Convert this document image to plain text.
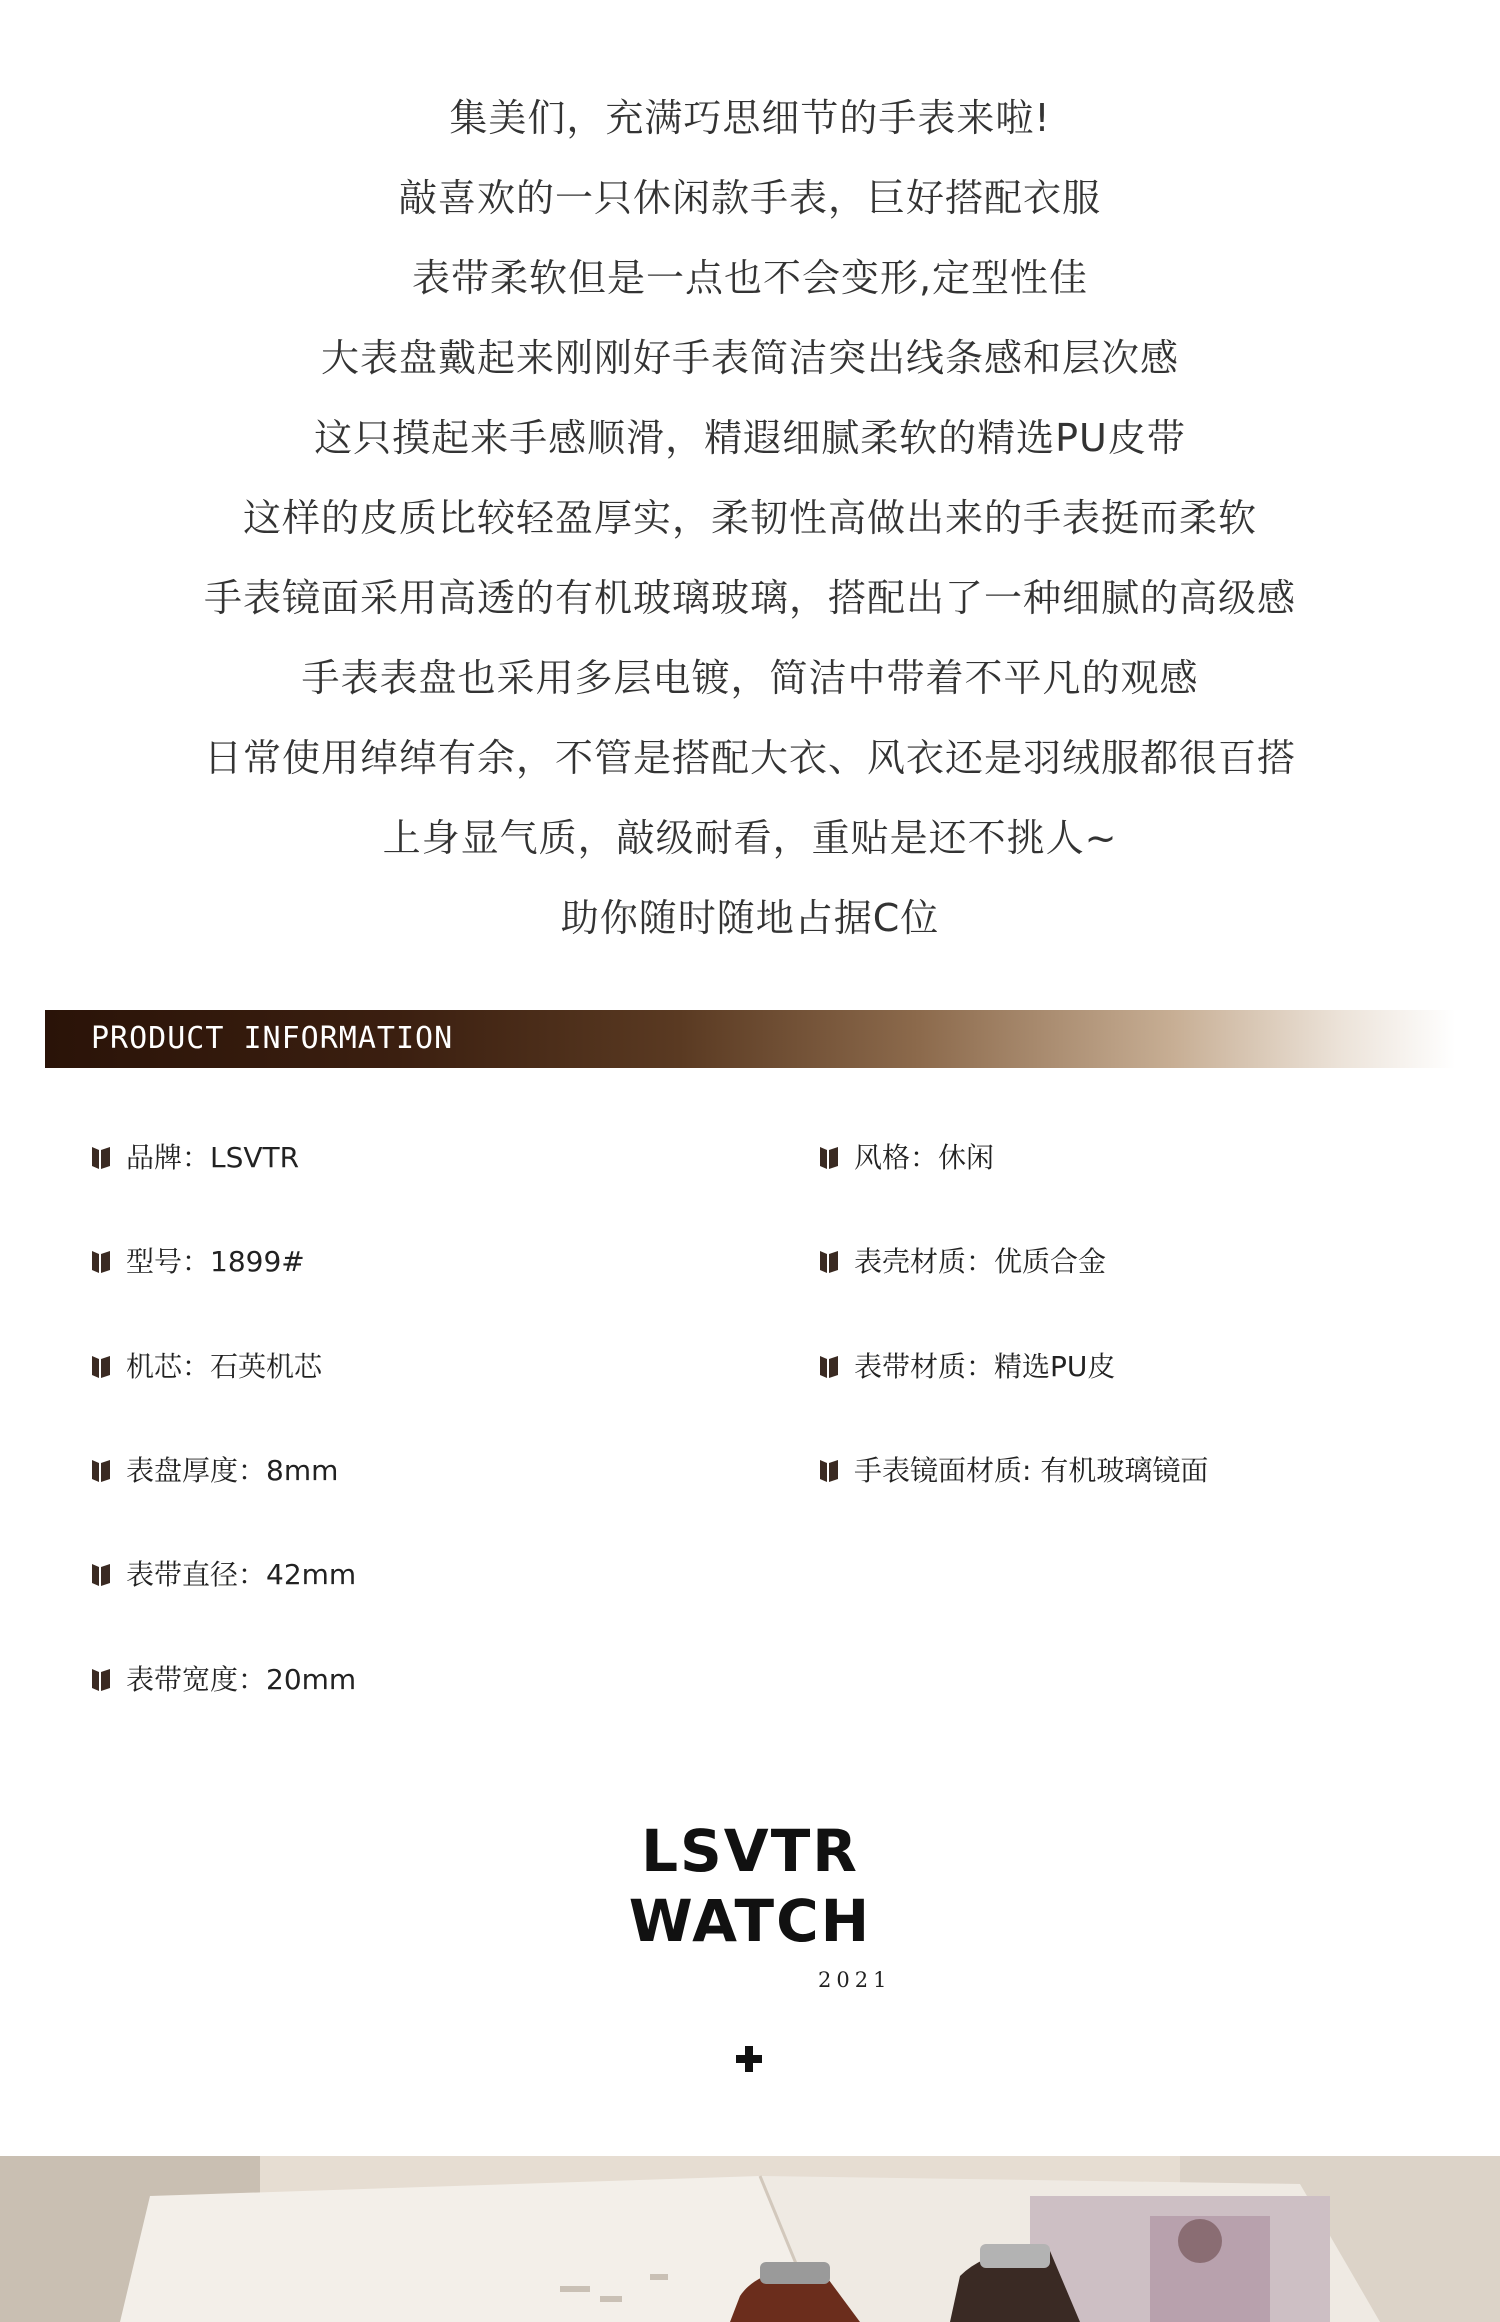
集美们，充满巧思细节的手表来啦!
敲喜欢的一只休闲款手表，巨好搭配衣服
表带柔软但是一点也不会变形,定型性佳
大表盘戴起来刚刚好手表简洁突出线条感和层次感
这只摸起来手感顺滑，精遐细腻柔软的精选PU皮带
这样的皮质比较轻盈厚实，柔韧性高做出来的手表挺而柔软
手表镜面采用高透的有机玻璃玻璃，搭配出了一种细腻的高级感
手表表盘也采用多层电镀，简洁中带着不平凡的观感
日常使用绰绰有余，不管是搭配大衣、风衣还是羽绒服都很百搭
上身显气质，敲级耐看，重贴是还不挑人~
助你随时随地占据C位
PRODUCT INFORMATION
品牌：LSVTR
型号：1899#
机芯：石英机芯
表盘厚度：8mm
表带直径：42mm
表带宽度：20mm
风格：休闲
表壳材质：优质合金
表带材质：精选PU皮
手表镜面材质: 有机玻璃镜面
LSVTR
WATCH
2021
